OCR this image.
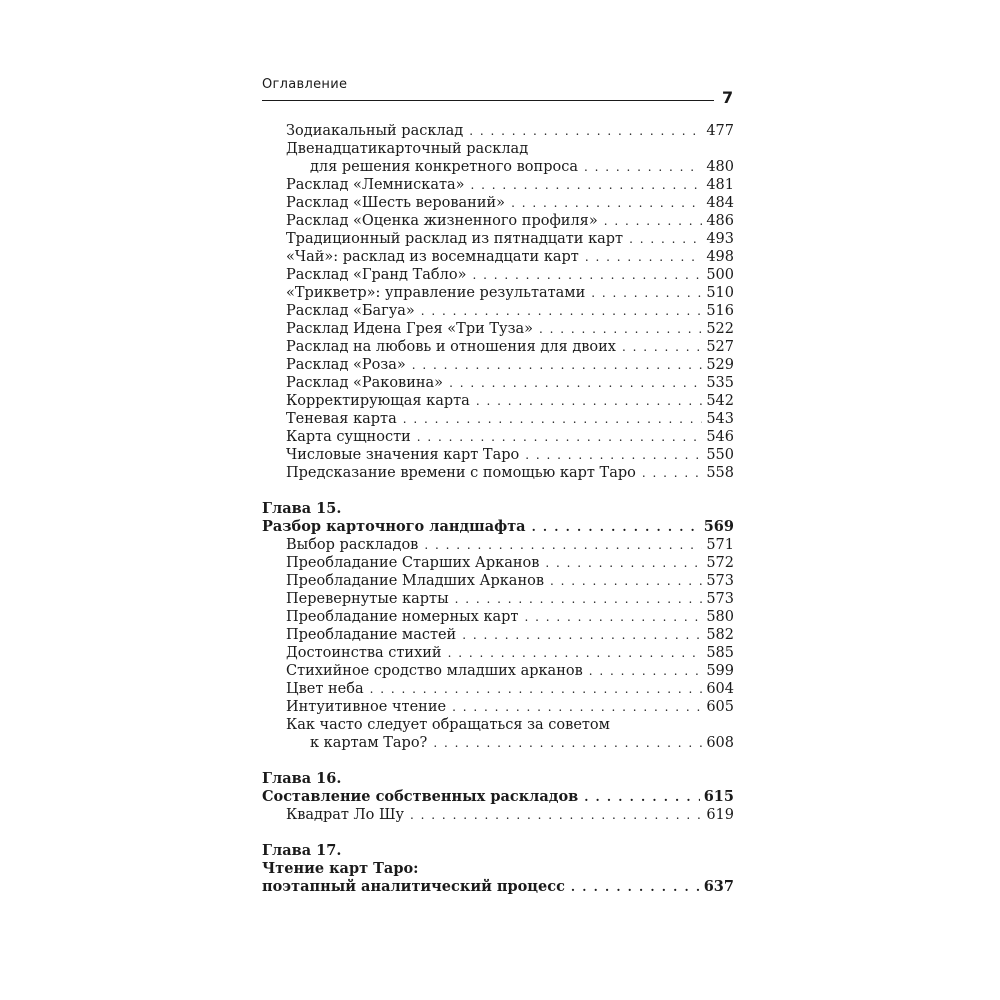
Оглавление
7
Зодиакальный расклад . . .	477
Двенадцатикарточный расклад
для решения конкретного вопроса . . .	480
Расклад «Лемниската» . . .	481
Расклад «Шесть верований» . . .	484
Расклад «Оценка жизненного профиля» . . .	486
Традиционный расклад из пятнадцати карт . . .	493
«Чай»: расклад из восемнадцати карт . . .	498
Расклад «Гранд Табло» . . .	500
«Трикветр»: управление результатами . . .	510
Расклад «Багуа» . . .	516
Расклад Идена Грея «Три Туза» . . .	522
Расклад на любовь и отношения для двоих . . .	527
Расклад «Роза» . . .	529
Расклад «Раковина» . . .	535
Корректирующая карта . . .	542
Теневая карта . . .	543
Карта сущности . . .	546
Числовые значения карт Таро . . .	550
Предсказание времени с помощью карт Таро . . .	558
Глава 15.
Разбор карточного ландшафта . . .	569
Выбор раскладов . . .	571
Преобладание Старших Арканов . . .	572
Преобладание Младших Арканов . . .	573
Перевернутые карты . . .	573
Преобладание номерных карт . . .	580
Преобладание мастей . . .	582
Достоинства стихий . . .	585
Стихийное сродство младших арканов . . .	599
Цвет неба . . .	604
Интуитивное чтение . . .	605
Как часто следует обращаться за советом
к картам Таро? . . .	608
Глава 16.
Составление собственных раскладов . . .	615
Квадрат Ло Шу . . .	619
Глава 17.
Чтение карт Таро:
поэтапный аналитический процесс . . .	637
